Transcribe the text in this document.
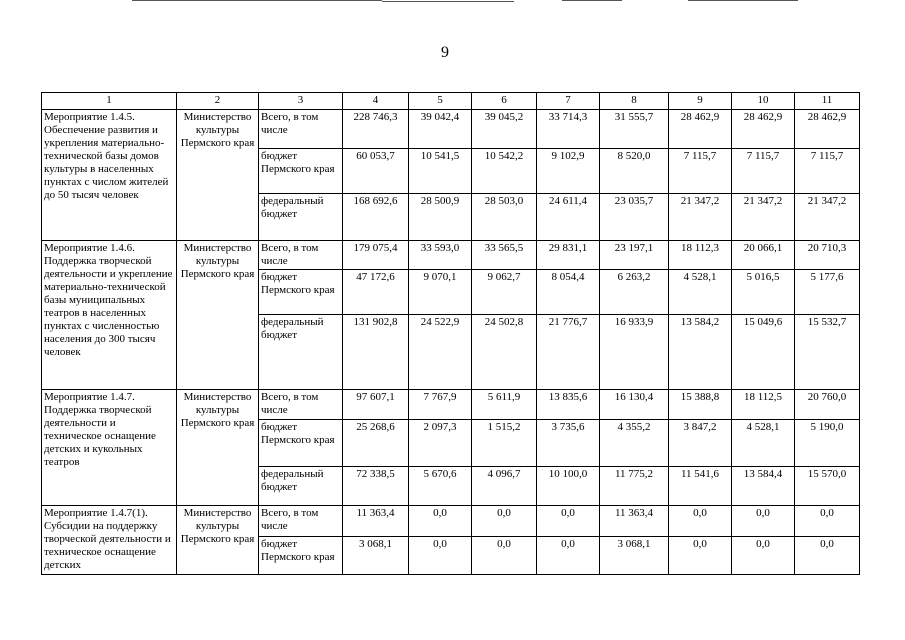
9
1	2	3	4	5	6	7	8	9	10	11
Мероприятие 1.4.5. Обеспечение развития и укрепления материально-технической базы домов культуры в населенных пунктах с числом жителей до 50 тысяч человек	Министерство культуры Пермского края	Всего, в том числе	228 746,3	39 042,4	39 045,2	33 714,3	31 555,7	28 462,9	28 462,9	28 462,9
		бюджет Пермского края	60 053,7	10 541,5	10 542,2	9 102,9	8 520,0	7 115,7	7 115,7	7 115,7
		федеральный бюджет	168 692,6	28 500,9	28 503,0	24 611,4	23 035,7	21 347,2	21 347,2	21 347,2
Мероприятие 1.4.6. Поддержка творческой деятельности и укрепление материально-технической базы муниципальных театров в населенных пунктах с численностью населения до 300 тысяч человек	Министерство культуры Пермского края	Всего, в том числе	179 075,4	33 593,0	33 565,5	29 831,1	23 197,1	18 112,3	20 066,1	20 710,3
		бюджет Пермского края	47 172,6	9 070,1	9 062,7	8 054,4	6 263,2	4 528,1	5 016,5	5 177,6
		федеральный бюджет	131 902,8	24 522,9	24 502,8	21 776,7	16 933,9	13 584,2	15 049,6	15 532,7
Мероприятие 1.4.7. Поддержка творческой деятельности и техническое оснащение детских и кукольных театров	Министерство культуры Пермского края	Всего, в том числе	97 607,1	7 767,9	5 611,9	13 835,6	16 130,4	15 388,8	18 112,5	20 760,0
		бюджет Пермского края	25 268,6	2 097,3	1 515,2	3 735,6	4 355,2	3 847,2	4 528,1	5 190,0
		федеральный бюджет	72 338,5	5 670,6	4 096,7	10 100,0	11 775,2	11 541,6	13 584,4	15 570,0
Мероприятие 1.4.7(1). Субсидии на поддержку творческой деятельности и техническое оснащение детских	Министерство культуры Пермского края	Всего, в том числе	11 363,4	0,0	0,0	0,0	11 363,4	0,0	0,0	0,0
		бюджет Пермского края	3 068,1	0,0	0,0	0,0	3 068,1	0,0	0,0	0,0
